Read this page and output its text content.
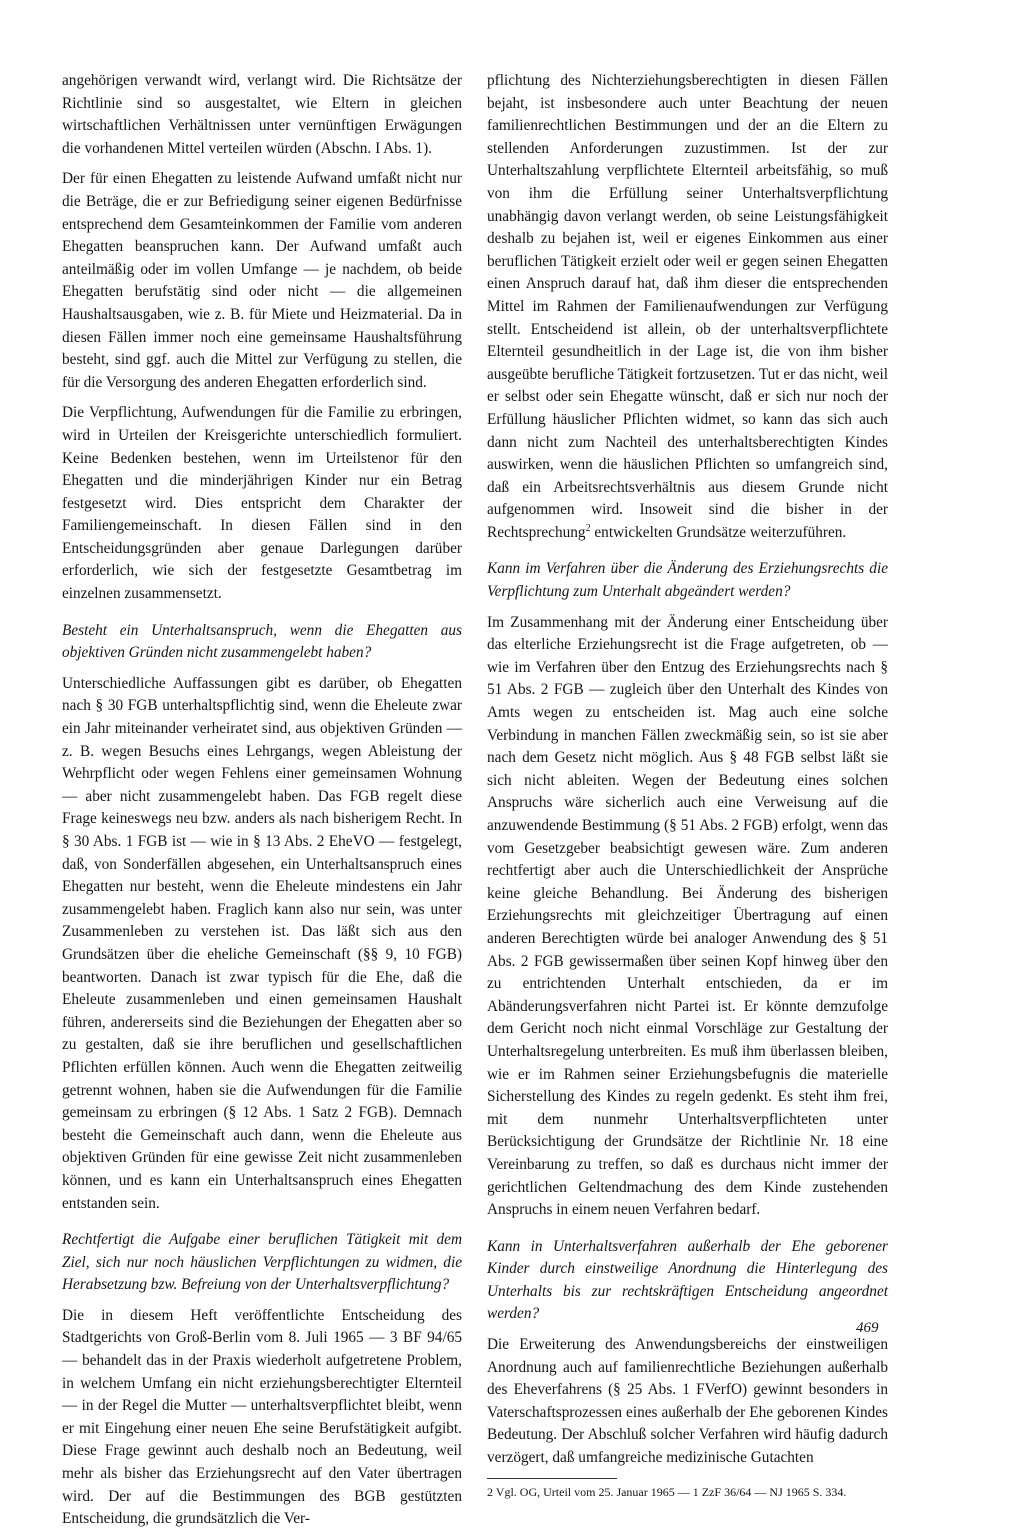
angehörigen verwandt wird, verlangt wird. Die Richtsätze der Richtlinie sind so ausgestaltet, wie Eltern in gleichen wirtschaftlichen Verhältnissen unter vernünftigen Erwägungen die vorhandenen Mittel verteilen würden (Abschn. I Abs. 1).

Der für einen Ehegatten zu leistende Aufwand umfaßt nicht nur die Beträge, die er zur Befriedigung seiner eigenen Bedürfnisse entsprechend dem Gesamteinkommen der Familie vom anderen Ehegatten beanspruchen kann. Der Aufwand umfaßt auch anteilmäßig oder im vollen Umfange — je nachdem, ob beide Ehegatten berufstätig sind oder nicht — die allgemeinen Haushaltsausgaben, wie z. B. für Miete und Heizmaterial. Da in diesen Fällen immer noch eine gemeinsame Haushaltsführung besteht, sind ggf. auch die Mittel zur Verfügung zu stellen, die für die Versorgung des anderen Ehegatten erforderlich sind.

Die Verpflichtung, Aufwendungen für die Familie zu erbringen, wird in Urteilen der Kreisgerichte unterschiedlich formuliert. Keine Bedenken bestehen, wenn im Urteilstenor für den Ehegatten und die minderjährigen Kinder nur ein Betrag festgesetzt wird. Dies entspricht dem Charakter der Familiengemeinschaft. In diesen Fällen sind in den Entscheidungsgründen aber genaue Darlegungen darüber erforderlich, wie sich der festgesetzte Gesamtbetrag im einzelnen zusammensetzt.

Besteht ein Unterhaltsanspruch, wenn die Ehegatten aus objektiven Gründen nicht zusammengelebt haben?

Unterschiedliche Auffassungen gibt es darüber, ob Ehegatten nach § 30 FGB unterhaltspflichtig sind, wenn die Eheleute zwar ein Jahr miteinander verheiratet sind, aus objektiven Gründen — z. B. wegen Besuchs eines Lehrgangs, wegen Ableistung der Wehrpflicht oder wegen Fehlens einer gemeinsamen Wohnung — aber nicht zusammengelebt haben. Das FGB regelt diese Frage keineswegs neu bzw. anders als nach bisherigem Recht. In § 30 Abs. 1 FGB ist — wie in § 13 Abs. 2 EheVO — festgelegt, daß, von Sonderfällen abgesehen, ein Unterhaltsanspruch eines Ehegatten nur besteht, wenn die Eheleute mindestens ein Jahr zusammengelebt haben. Fraglich kann also nur sein, was unter Zusammenleben zu verstehen ist. Das läßt sich aus den Grundsätzen über die eheliche Gemeinschaft (§§ 9, 10 FGB) beantworten. Danach ist zwar typisch für die Ehe, daß die Eheleute zusammenleben und einen gemeinsamen Haushalt führen, andererseits sind die Beziehungen der Ehegatten aber so zu gestalten, daß sie ihre beruflichen und gesellschaftlichen Pflichten erfüllen können. Auch wenn die Ehegatten zeitweilig getrennt wohnen, haben sie die Aufwendungen für die Familie gemeinsam zu erbringen (§ 12 Abs. 1 Satz 2 FGB). Demnach besteht die Gemeinschaft auch dann, wenn die Eheleute aus objektiven Gründen für eine gewisse Zeit nicht zusammenleben können, und es kann ein Unterhaltsanspruch eines Ehegatten entstanden sein.

Rechtfertigt die Aufgabe einer beruflichen Tätigkeit mit dem Ziel, sich nur noch häuslichen Verpflichtungen zu widmen, die Herabsetzung bzw. Befreiung von der Unterhaltsverpflichtung?

Die in diesem Heft veröffentlichte Entscheidung des Stadtgerichts von Groß-Berlin vom 8. Juli 1965 — 3 BF 94/65 — behandelt das in der Praxis wiederholt aufgetretene Problem, in welchem Umfang ein nicht erziehungsberechtigter Elternteil — in der Regel die Mutter — unterhaltsverpflichtet bleibt, wenn er mit Eingehung einer neuen Ehe seine Berufstätigkeit aufgibt. Diese Frage gewinnt auch deshalb noch an Bedeutung, weil mehr als bisher das Erziehungsrecht auf den Vater übertragen wird. Der auf die Bestimmungen des BGB gestützten Entscheidung, die grundsätzlich die Ver-

pflichtung des Nichterziehungsberechtigten in diesen Fällen bejaht, ist insbesondere auch unter Beachtung der neuen familienrechtlichen Bestimmungen und der an die Eltern zu stellenden Anforderungen zuzustimmen. Ist der zur Unterhaltszahlung verpflichtete Elternteil arbeitsfähig, so muß von ihm die Erfüllung seiner Unterhaltsverpflichtung unabhängig davon verlangt werden, ob seine Leistungsfähigkeit deshalb zu bejahen ist, weil er eigenes Einkommen aus einer beruflichen Tätigkeit erzielt oder weil er gegen seinen Ehegatten einen Anspruch darauf hat, daß ihm dieser die entsprechenden Mittel im Rahmen der Familienaufwendungen zur Verfügung stellt. Entscheidend ist allein, ob der unterhaltsverpflichtete Elternteil gesundheitlich in der Lage ist, die von ihm bisher ausgeübte berufliche Tätigkeit fortzusetzen. Tut er das nicht, weil er selbst oder sein Ehegatte wünscht, daß er sich nur noch der Erfüllung häuslicher Pflichten widmet, so kann das sich auch dann nicht zum Nachteil des unterhaltsberechtigten Kindes auswirken, wenn die häuslichen Pflichten so umfangreich sind, daß ein Arbeitsrechtsverhältnis aus diesem Grunde nicht aufgenommen wird. Insoweit sind die bisher in der Rechtsprechung$^2$ entwickelten Grundsätze weiterzuführen.

Kann im Verfahren über die Änderung des Erziehungsrechts die Verpflichtung zum Unterhalt abgeändert werden?

Im Zusammenhang mit der Änderung einer Entscheidung über das elterliche Erziehungsrecht ist die Frage aufgetreten, ob — wie im Verfahren über den Entzug des Erziehungsrechts nach § 51 Abs. 2 FGB — zugleich über den Unterhalt des Kindes von Amts wegen zu entscheiden ist. Mag auch eine solche Verbindung in manchen Fällen zweckmäßig sein, so ist sie aber nach dem Gesetz nicht möglich. Aus § 48 FGB selbst läßt sie sich nicht ableiten. Wegen der Bedeutung eines solchen Anspruchs wäre sicherlich auch eine Verweisung auf die anzuwendende Bestimmung (§ 51 Abs. 2 FGB) erfolgt, wenn das vom Gesetzgeber beabsichtigt gewesen wäre. Zum anderen rechtfertigt aber auch die Unterschiedlichkeit der Ansprüche keine gleiche Behandlung. Bei Änderung des bisherigen Erziehungsrechts mit gleichzeitiger Übertragung auf einen anderen Berechtigten würde bei analoger Anwendung des § 51 Abs. 2 FGB gewissermaßen über seinen Kopf hinweg über den zu entrichtenden Unterhalt entschieden, da er im Abänderungsverfahren nicht Partei ist. Er könnte demzufolge dem Gericht noch nicht einmal Vorschläge zur Gestaltung der Unterhaltsregelung unterbreiten. Es muß ihm überlassen bleiben, wie er im Rahmen seiner Erziehungsbefugnis die materielle Sicherstellung des Kindes zu regeln gedenkt. Es steht ihm frei, mit dem nunmehr Unterhaltsverpflichteten unter Berücksichtigung der Grundsätze der Richtlinie Nr. 18 eine Vereinbarung zu treffen, so daß es durchaus nicht immer der gerichtlichen Geltendmachung des dem Kinde zustehenden Anspruchs in einem neuen Verfahren bedarf.

Kann in Unterhaltsverfahren außerhalb der Ehe geborener Kinder durch einstweilige Anordnung die Hinterlegung des Unterhalts bis zur rechtskräftigen Entscheidung angeordnet werden?

Die Erweiterung des Anwendungsbereichs der einstweiligen Anordnung auch auf familienrechtliche Beziehungen außerhalb des Eheverfahrens (§ 25 Abs. 1 FVerfO) gewinnt besonders in Vaterschaftsprozessen eines außerhalb der Ehe geborenen Kindes Bedeutung. Der Abschluß solcher Verfahren wird häufig dadurch verzögert, daß umfangreiche medizinische Gutachten

2 Vgl. OG, Urteil vom 25. Januar 1965 — 1 ZzF 36/64 — NJ 1965 S. 334.
469
